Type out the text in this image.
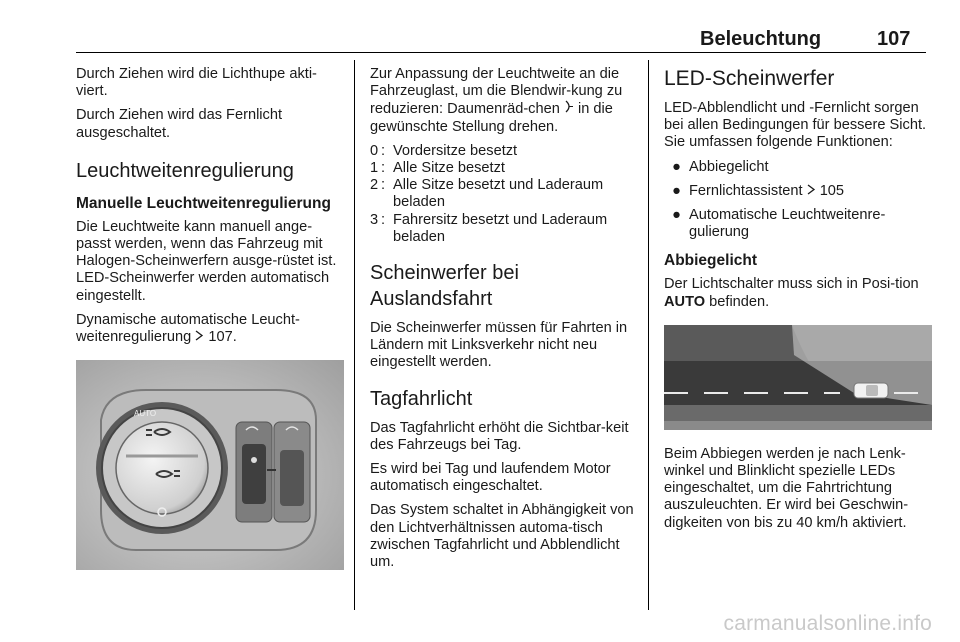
Beleuchtung	107

Durch Ziehen wird die Lichthupe akti-viert.

Durch Ziehen wird das Fernlicht ausgeschaltet.

Leuchtweitenregulierung
Manuelle Leuchtweitenregulierung

Die Leuchtweite kann manuell ange-passt werden, wenn das Fahrzeug mit Halogen-Scheinwerfern ausge-rüstet ist. LED-Scheinwerfer werden automatisch eingestellt.

Dynamische automatische Leucht-weitenregulierung 107.

AUTO

Zur Anpassung der Leuchtweite an die Fahrzeuglast, um die Blendwir-kung zu reduzieren: Daumenräd-chen in die gewünschte Stellung drehen.

0 : Vordersitze besetzt
1 : Alle Sitze besetzt
2 : Alle Sitze besetzt und Laderaum beladen
3 : Fahrersitz besetzt und Laderaum beladen
Scheinwerfer bei Auslandsfahrt

Die Scheinwerfer müssen für Fahrten in Ländern mit Linksverkehr nicht neu eingestellt werden.

Tagfahrlicht

Das Tagfahrlicht erhöht die Sichtbar-keit des Fahrzeugs bei Tag.

Es wird bei Tag und laufendem Motor automatisch eingeschaltet.

Das System schaltet in Abhängigkeit von den Lichtverhältnissen automa-tisch zwischen Tagfahrlicht und Abblendlicht um.

LED-Scheinwerfer

LED-Abblendlicht und -Fernlicht sorgen bei allen Bedingungen für bessere Sicht. Sie umfassen folgende Funktionen:

● Abbiegelicht
● Fernlichtassistent 105
● Automatische Leuchtweitenre-gulierung
Abbiegelicht

Der Lichtschalter muss sich in Posi-tion AUTO befinden.

Beim Abbiegen werden je nach Lenk-winkel und Blinklicht spezielle LEDs eingeschaltet, um die Fahrtrichtung auszuleuchten. Er wird bei Geschwin-digkeiten von bis zu 40 km/h aktiviert.

carmanualsonline.info
